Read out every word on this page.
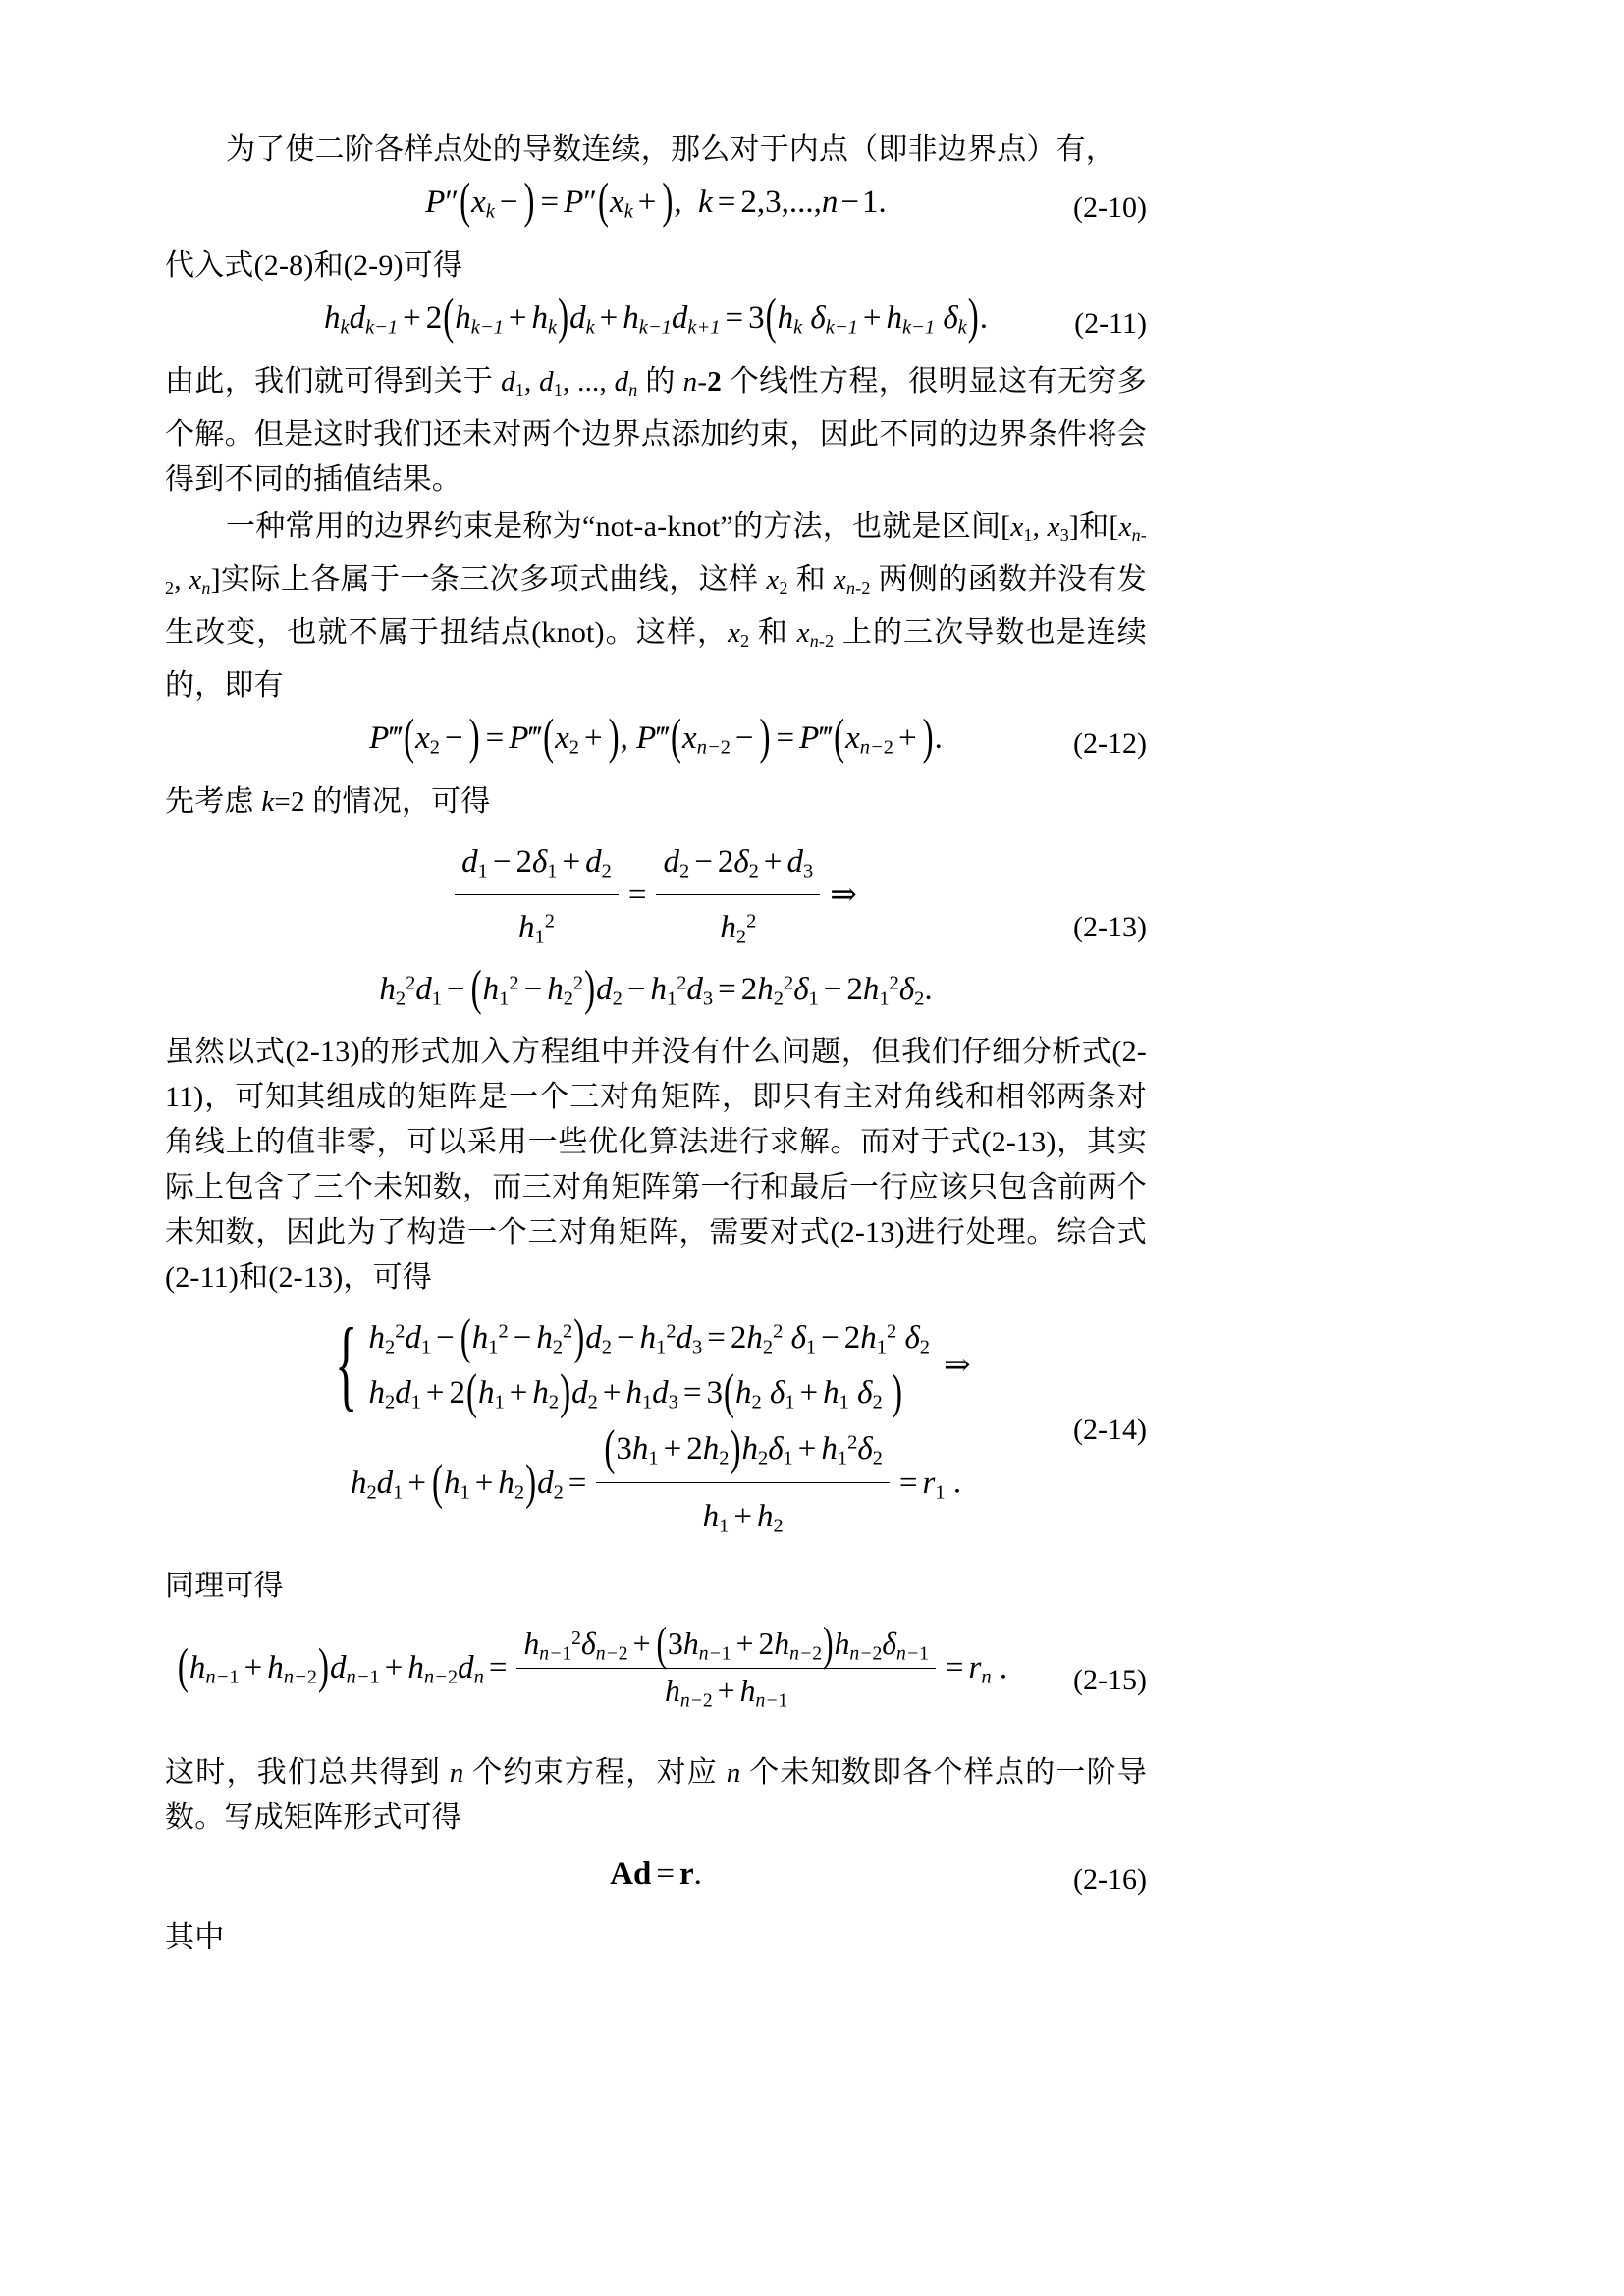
为了使二阶各样点处的导数连续，那么对于内点（即非边界点）有，

$P''(x_k$ − ) = $P''(x_k$ + ), k = 2,3,...,n−1.	(2-10)

代入式(2-8)和(2-9)可得

$h_kd_{k-1} + 2(h_{k-1} + h_k)d_k + h_{k-1}d_{k+1} = 3(h_k$ $\delta_{k-1} + h_{k-1}$ $\delta_k$).	(2-11)

由此，我们就可得到关于 $d_1$, $d_1$, ..., $d_n$ 的 n-2 个线性方程，很明显这有无穷多个解。但是这时我们还未对两个边界点添加约束，因此不同的边界条件将会得到不同的插值结果。

一种常用的边界约束是称为“not-a-knot”的方法，也就是区间[$x_1$, $x_3$]和[$x_{n-2}$, $x_n$]实际上各属于一条三次多项式曲线，这样 $x_2$ 和 $x_{n-2}$ 两侧的函数并没有发生改变，也就不属于扭结点(knot)。这样，$x_2$ 和 $x_{n-2}$ 上的三次导数也是连续的，即有

$P‴(x_2$ − ) = $P‴(x_2$ + ), $P‴(x_{n-2}$ − ) = $P‴(x_{n-2}$ + ).	(2-12)

先考虑 k=2 的情况，可得

$\frac{d_1 - 2\delta_1 + d_2}{h_1^2} = \frac{d_2 - 2\delta_2 + d_3}{h_2^2}$ ⇒
$h_2^2d_1 - (h_1^2 - h_2^2)d_2 - h_1^2d_3 = 2h_2^2\delta_1 - 2h_1^2\delta_2$.
(2-13)

虽然以式(2-13)的形式加入方程组中并没有什么问题，但我们仔细分析式(2-11)，可知其组成的矩阵是一个三对角矩阵，即只有主对角线和相邻两条对角线上的值非零，可以采用一些优化算法进行求解。而对于式(2-13)，其实际上包含了三个未知数，而三对角矩阵第一行和最后一行应该只包含前两个未知数，因此为了构造一个三对角矩阵，需要对式(2-13)进行处理。综合式(2-11)和(2-13)，可得

{ $h_2^2d_1 - (h_1^2 - h_2^2)d_2 - h_1^2d_3 = 2h_2^2$ $\delta_1 - 2h_1^2$ $\delta_2$
$h_2d_1 + 2(h_1 + h_2)d_2 + h_1d_3 = 3(h_2$ $\delta_1 + h_1$ $\delta_2$ )
⇒
$h_2d_1 + (h_1 + h_2)d_2 = \frac{(3h_1 + 2h_2)h_2\delta_1 + h_1^2\delta_2}{h_1 + h_2} = r_1$ .
(2-14)

同理可得

$(h_{n-1} + h_{n-2})d_{n-1} + h_{n-2}d_n = \frac{h_{n-1}^2\delta_{n-2} + (3h_{n-1} + 2h_{n-2})h_{n-2}\delta_{n-1}}{h_{n-2} + h_{n-1}} = r_n$ .	(2-15)

这时，我们总共得到 n 个约束方程，对应 n 个未知数即各个样点的一阶导数。写成矩阵形式可得

Ad = r.	(2-16)

其中
